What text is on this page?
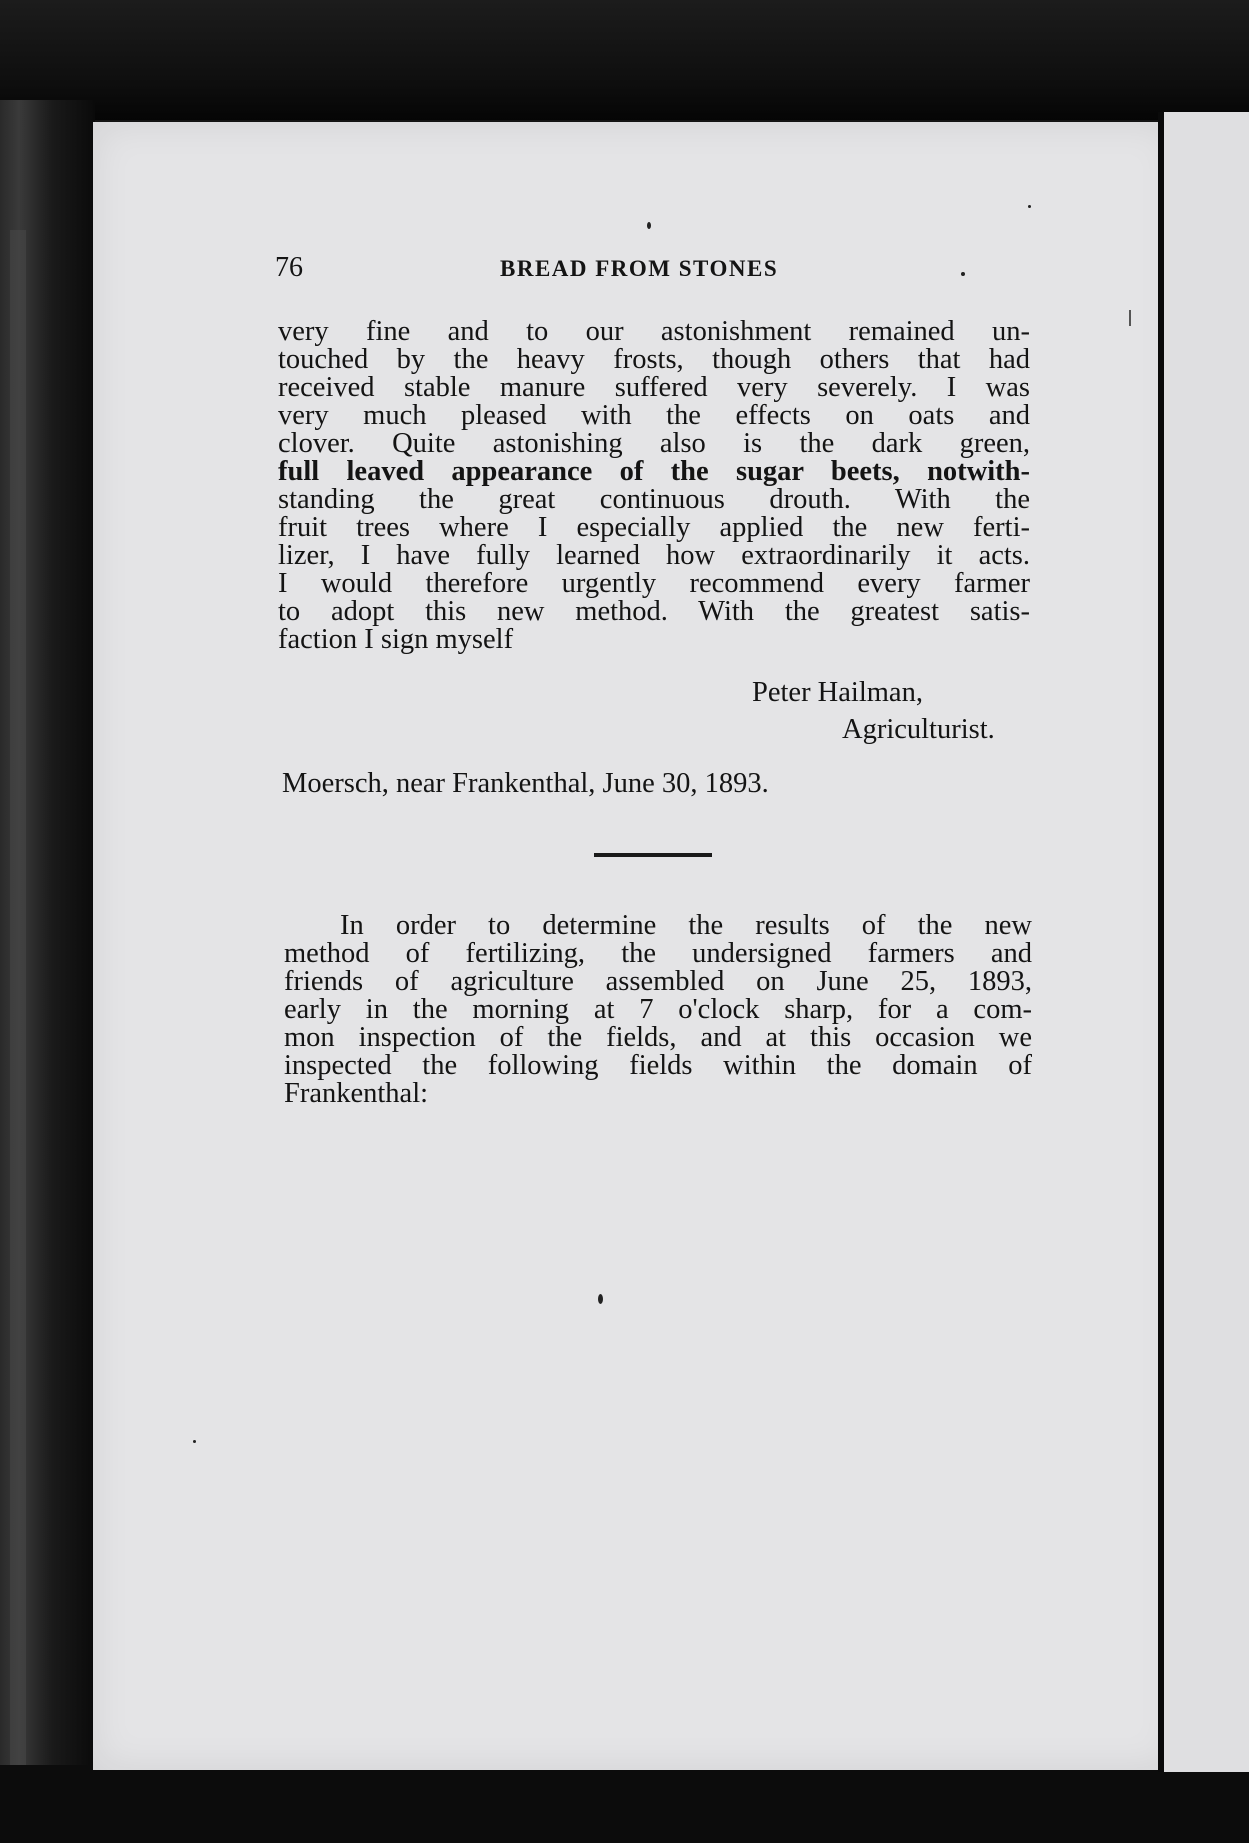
76	BREAD FROM STONES
very fine and to our astonishment remained un-
touched by the heavy frosts, though others that had
received stable manure suffered very severely. I was
very much pleased with the effects on oats and
clover. Quite astonishing also is the dark green,
full leaved appearance of the sugar beets, notwith-
standing the great continuous drouth. With the
fruit trees where I especially applied the new ferti-
lizer, I have fully learned how extraordinarily it acts.
I would therefore urgently recommend every farmer
to adopt this new method. With the greatest satis-
faction I sign myself
Peter Hailman,
Agriculturist.
Moersch, near Frankenthal, June 30, 1893.
In order to determine the results of the new
method of fertilizing, the undersigned farmers and
friends of agriculture assembled on June 25, 1893,
early in the morning at 7 o'clock sharp, for a com-
mon inspection of the fields, and at this occasion we
inspected the following fields within the domain of
Frankenthal:
